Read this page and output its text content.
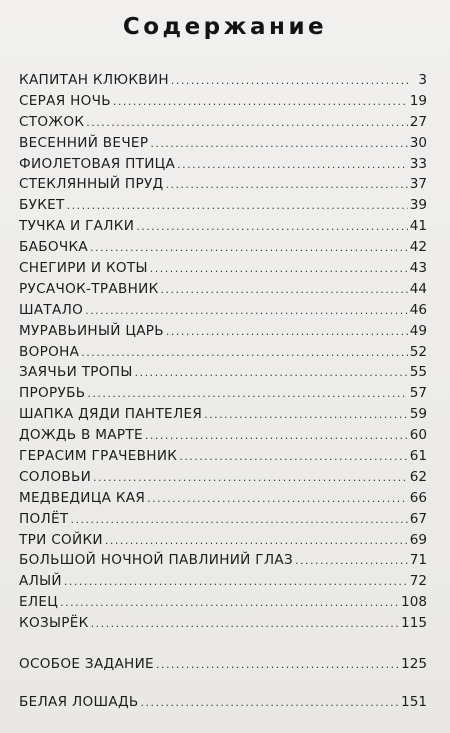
Содержание
КАПИТАН КЛЮКВИН . . .	3
СЕРАЯ НОЧЬ . . .	19
СТОЖОК . . .	27
ВЕСЕННИЙ ВЕЧЕР . . .	30
ФИОЛЕТОВАЯ ПТИЦА . . .	33
СТЕКЛЯННЫЙ ПРУД . . .	37
БУКЕТ . . .	39
ТУЧКА И ГАЛКИ . . .	41
БАБОЧКА . . .	42
СНЕГИРИ И КОТЫ . . .	43
РУСАЧОК-ТРАВНИК . . .	44
ШАТАЛО . . .	46
МУРАВЬИНЫЙ ЦАРЬ . . .	49
ВОРОНА . . .	52
ЗАЯЧЬИ ТРОПЫ . . .	55
ПРОРУБЬ . . .	57
ШАПКА ДЯДИ ПАНТЕЛЕЯ . . .	59
ДОЖДЬ В МАРТЕ . . .	60
ГЕРАСИМ ГРАЧЕВНИК . . .	61
СОЛОВЬИ . . .	62
МЕДВЕДИЦА КАЯ . . .	66
ПОЛЁТ . . .	67
ТРИ СОЙКИ . . .	69
БОЛЬШОЙ НОЧНОЙ ПАВЛИНИЙ ГЛАЗ . . .	71
АЛЫЙ . . .	72
ЕЛЕЦ . . .	108
КОЗЫРЁК . . .	115
ОСОБОЕ ЗАДАНИЕ . . .	125
БЕЛАЯ ЛОШАДЬ . . .	151
